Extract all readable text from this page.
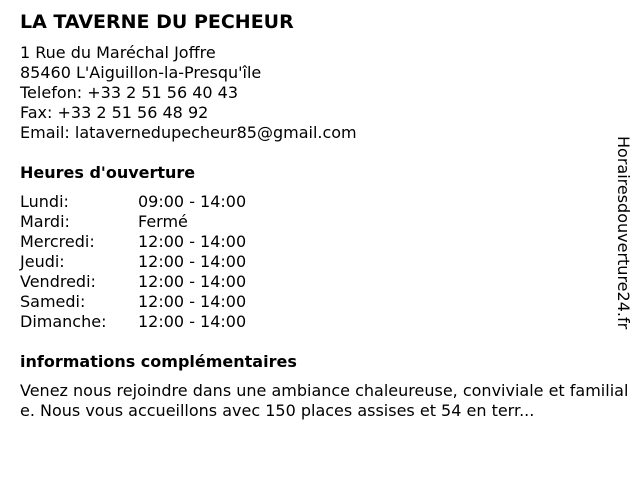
LA TAVERNE DU PECHEUR
1 Rue du Maréchal Joffre
85460 L'Aiguillon-la-Presqu'île
Telefon: +33 2 51 56 40 43
Fax: +33 2 51 56 48 92
Email: latavernedupecheur85@gmail.com
Heures d'ouverture
Lundi:	09:00 - 14:00
Mardi:	Fermé
Mercredi:	12:00 - 14:00
Jeudi:	12:00 - 14:00
Vendredi:	12:00 - 14:00
Samedi:	12:00 - 14:00
Dimanche:	12:00 - 14:00
informations complémentaires
Venez nous rejoindre dans une ambiance chaleureuse, conviviale et familiale. Nous vous accueillons avec 150 places assises et 54 en terr...
Horairesdouverture24.fr
